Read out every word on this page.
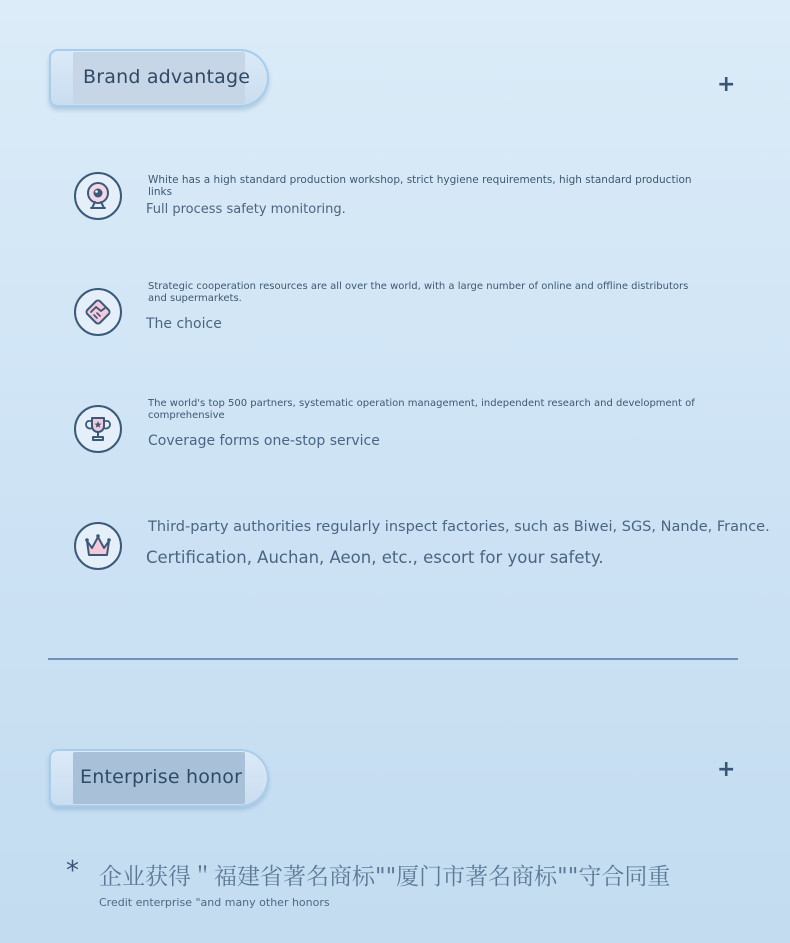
Brand advantage	+
White has a high standard production workshop, strict hygiene requirements, high standard production links
Full process safety monitoring.
Strategic cooperation resources are all over the world, with a large number of online and offline distributors and supermarkets.
The choice
The world's top 500 partners, systematic operation management, independent research and development of comprehensive
Coverage forms one-stop service
Third-party authorities regularly inspect factories, such as Biwei, SGS, Nande, France.
Certification, Auchan, Aeon, etc., escort for your safety.
Enterprise honor	+
* 企业获得＂福建省著名商标""厦门市著名商标""守合同重
Credit enterprise "and many other honors
